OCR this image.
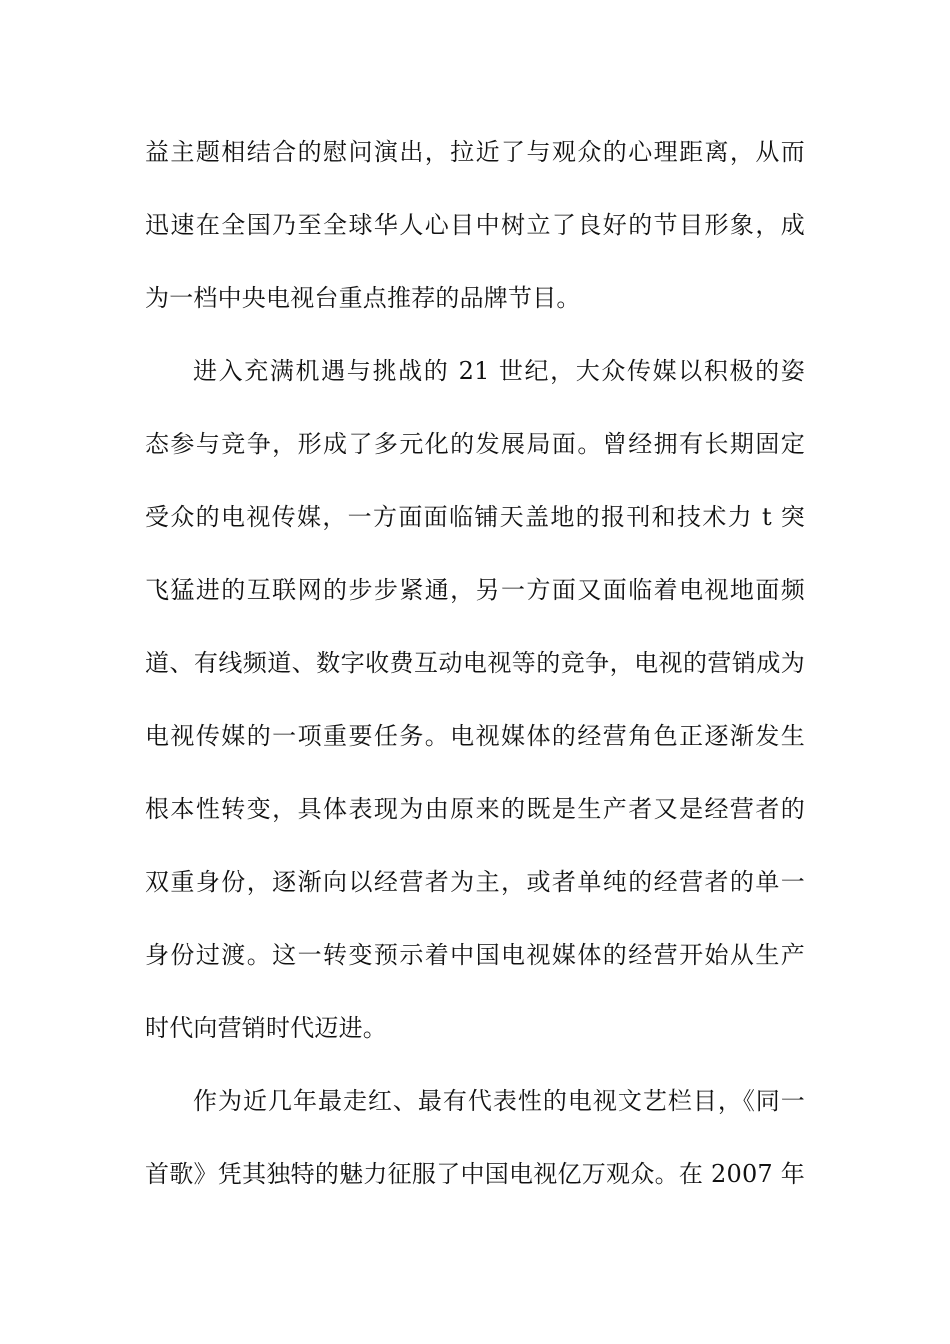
益主题相结合的慰问演出，拉近了与观众的心理距离，从而
迅速在全国乃至全球华人心目中树立了良好的节目形象，成
为一档中央电视台重点推荐的品牌节目。
进入充满机遇与挑战的 21 世纪，大众传媒以积极的姿
态参与竞争，形成了多元化的发展局面。曾经拥有长期固定
受众的电视传媒，一方面面临铺天盖地的报刊和技术力 t 突
飞猛进的互联网的步步紧通，另一方面又面临着电视地面频
道、有线频道、数字收费互动电视等的竞争，电视的营销成为
电视传媒的一项重要任务。电视媒体的经营角色正逐渐发生
根本性转变，具体表现为由原来的既是生产者又是经营者的
双重身份，逐渐向以经营者为主，或者单纯的经营者的单一
身份过渡。这一转变预示着中国电视媒体的经营开始从生产
时代向营销时代迈进。
作为近几年最走红、最有代表性的电视文艺栏目，《同一
首歌》凭其独特的魅力征服了中国电视亿万观众。在 2007 年
